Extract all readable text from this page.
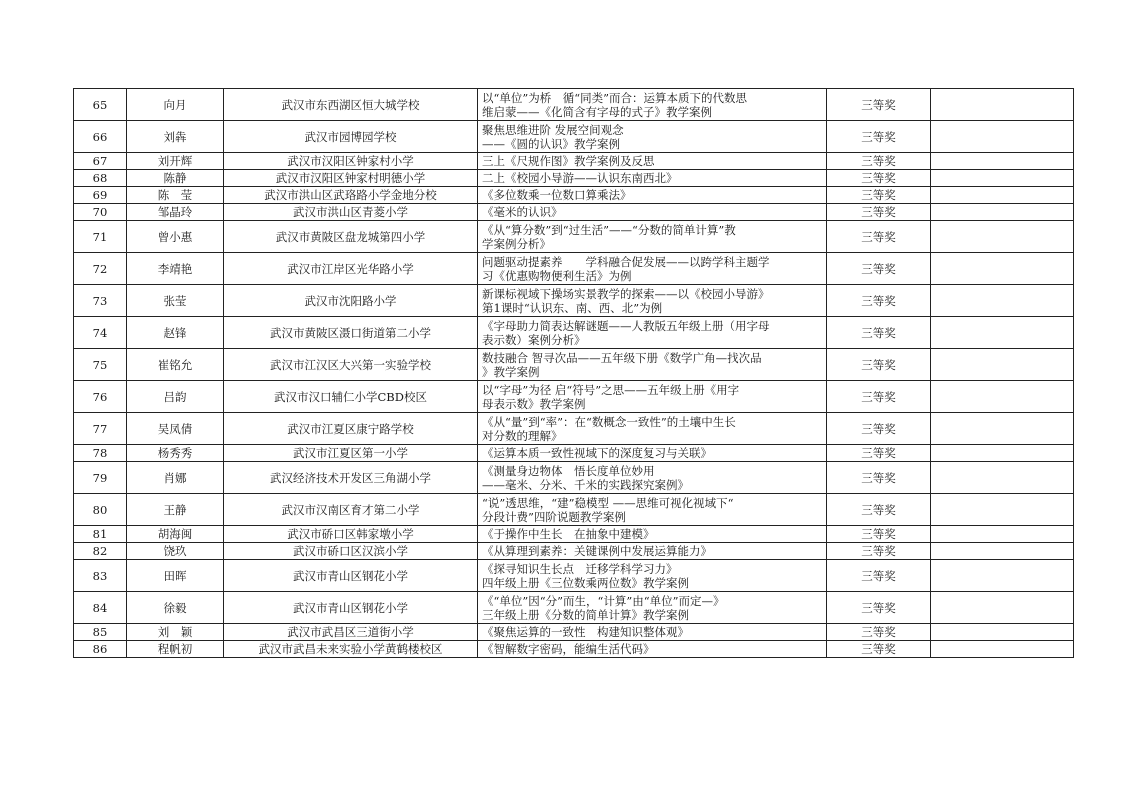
65	向月	武汉市东西湖区恒大城学校	以“单位”为桥　循“同类”而合：运算本质下的代数思
维启蒙——《化简含有字母的式子》教学案例	三等奖	
66	刘犇	武汉市园博园学校	聚焦思维进阶 发展空间观念
——《圆的认识》教学案例	三等奖	
67	刘开辉	武汉市汉阳区钟家村小学	三上《尺规作图》教学案例及反思	三等奖	
68	陈静	武汉市汉阳区钟家村明德小学	二上《校园小导游——认识东南西北》	三等奖	
69	陈　莹	武汉市洪山区武珞路小学金地分校	《多位数乘一位数口算乘法》	三等奖	
70	邹晶玲	武汉市洪山区青菱小学	《毫米的认识》	三等奖	
71	曾小惠	武汉市黄陂区盘龙城第四小学	《从“算分数”到“过生活”——“分数的简单计算”教
学案例分析》	三等奖	
72	李靖艳	武汉市江岸区光华路小学	问题驱动提素养　　学科融合促发展——以跨学科主题学
习《优惠购物便利生活》为例	三等奖	
73	张莹	武汉市沈阳路小学	新课标视域下操场实景教学的探索——以《校园小导游》
第1课时“认识东、南、西、北”为例	三等奖	
74	赵锋	武汉市黄陂区滠口街道第二小学	《字母助力简表达解谜题——人教版五年级上册（用字母
表示数）案例分析》	三等奖	
75	崔铭允	武汉市江汉区大兴第一实验学校	数技融合 智寻次品——五年级下册《数学广角—找次品
》教学案例	三等奖	
76	吕韵	武汉市汉口辅仁小学CBD校区	以“字母”为径 启“符号”之思——五年级上册《用字
母表示数》教学案例	三等奖	
77	吴凤倩	武汉市江夏区康宁路学校	《从“量”到“率”：在“数概念一致性”的土壤中生长
对分数的理解》	三等奖	
78	杨秀秀	武汉市江夏区第一小学	《运算本质一致性视域下的深度复习与关联》	三等奖	
79	肖娜	武汉经济技术开发区三角湖小学	《测量身边物体　悟长度单位妙用
——毫米、分米、千米的实践探究案例》	三等奖	
80	王静	武汉市汉南区育才第二小学	“说”透思维，“建”稳模型 ——思维可视化视域下“
分段计费”四阶说题教学案例	三等奖	
81	胡海闽	武汉市硚口区韩家墩小学	《于操作中生长　在抽象中建模》	三等奖	
82	饶玖	武汉市硚口区汉滨小学	《从算理到素养：关键课例中发展运算能力》	三等奖	
83	田晖	武汉市青山区钢花小学	《探寻知识生长点　迁移学科学习力》
四年级上册《三位数乘两位数》教学案例	三等奖	
84	徐毅	武汉市青山区钢花小学	《“单位”因“分”而生，“计算”由“单位”而定—》
三年级上册《分数的简单计算》教学案例	三等奖	
85	刘　颖	武汉市武昌区三道街小学	《聚焦运算的一致性　构建知识整体观》	三等奖	
86	程帆初	武汉市武昌未来实验小学黄鹤楼校区	《智解数字密码，能编生活代码》	三等奖	
